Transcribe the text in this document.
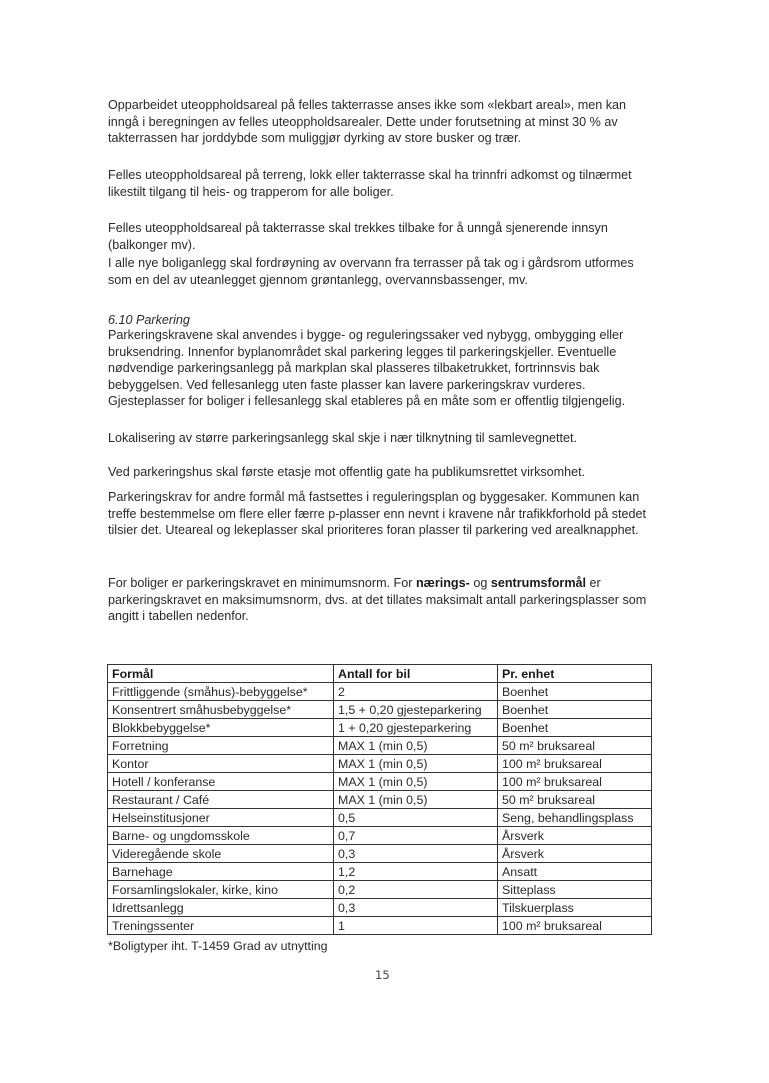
Opparbeidet uteoppholdsareal på felles takterrasse anses ikke som «lekbart areal», men kan inngå i beregningen av felles uteoppholdsarealer. Dette under forutsetning at minst 30 % av takterrassen har jorddybde som muliggjør dyrking av store busker og trær.

Felles uteoppholdsareal på terreng, lokk eller takterrasse skal ha trinnfri adkomst og tilnærmet likestilt tilgang til heis- og trapperom for alle boliger.

Felles uteoppholdsareal på takterrasse skal trekkes tilbake for å unngå sjenerende innsyn (balkonger mv).

I alle nye boliganlegg skal fordrøyning av overvann fra terrasser på tak og i gårdsrom utformes som en del av uteanlegget gjennom grøntanlegg, overvannsbassenger, mv.

6.10 Parkering

Parkeringskravene skal anvendes i bygge- og reguleringssaker ved nybygg, ombygging eller bruksendring. Innenfor byplanområdet skal parkering legges til parkeringskjeller. Eventuelle nødvendige parkeringsanlegg på markplan skal plasseres tilbaketrukket, fortrinnsvis bak bebyggelsen. Ved fellesanlegg uten faste plasser kan lavere parkeringskrav vurderes. Gjesteplasser for boliger i fellesanlegg skal etableres på en måte som er offentlig tilgjengelig.

Lokalisering av større parkeringsanlegg skal skje i nær tilknytning til samlevegnettet.

Ved parkeringshus skal første etasje mot offentlig gate ha publikumsrettet virksomhet.

Parkeringskrav for andre formål må fastsettes i reguleringsplan og byggesaker. Kommunen kan treffe bestemmelse om flere eller færre p-plasser enn nevnt i kravene når trafikkforhold på stedet tilsier det. Uteareal og lekeplasser skal prioriteres foran plasser til parkering ved arealknapphet.

For boliger er parkeringskravet en minimumsnorm. For nærings- og sentrumsformål er parkeringskravet en maksimumsnorm, dvs. at det tillates maksimalt antall parkeringsplasser som angitt i tabellen nedenfor.

Formål	Antall for bil	Pr. enhet
Frittliggende (småhus)-bebyggelse*	2	Boenhet
Konsentrert småhusbebyggelse*	1,5 + 0,20 gjesteparkering	Boenhet
Blokkbebyggelse*	1 + 0,20 gjesteparkering	Boenhet
Forretning	MAX 1 (min 0,5)	50 m² bruksareal
Kontor	MAX 1 (min 0,5)	100 m² bruksareal
Hotell / konferanse	MAX 1 (min 0,5)	100 m² bruksareal
Restaurant / Café	MAX 1 (min 0,5)	50 m² bruksareal
Helseinstitusjoner	0,5	Seng, behandlingsplass
Barne- og ungdomsskole	0,7	Årsverk
Videregående skole	0,3	Årsverk
Barnehage	1,2	Ansatt
Forsamlingslokaler, kirke, kino	0,2	Sitteplass
Idrettsanlegg	0,3	Tilskuerplass
Treningssenter	1	100 m² bruksareal
*Boligtyper iht. T-1459 Grad av utnytting
15
